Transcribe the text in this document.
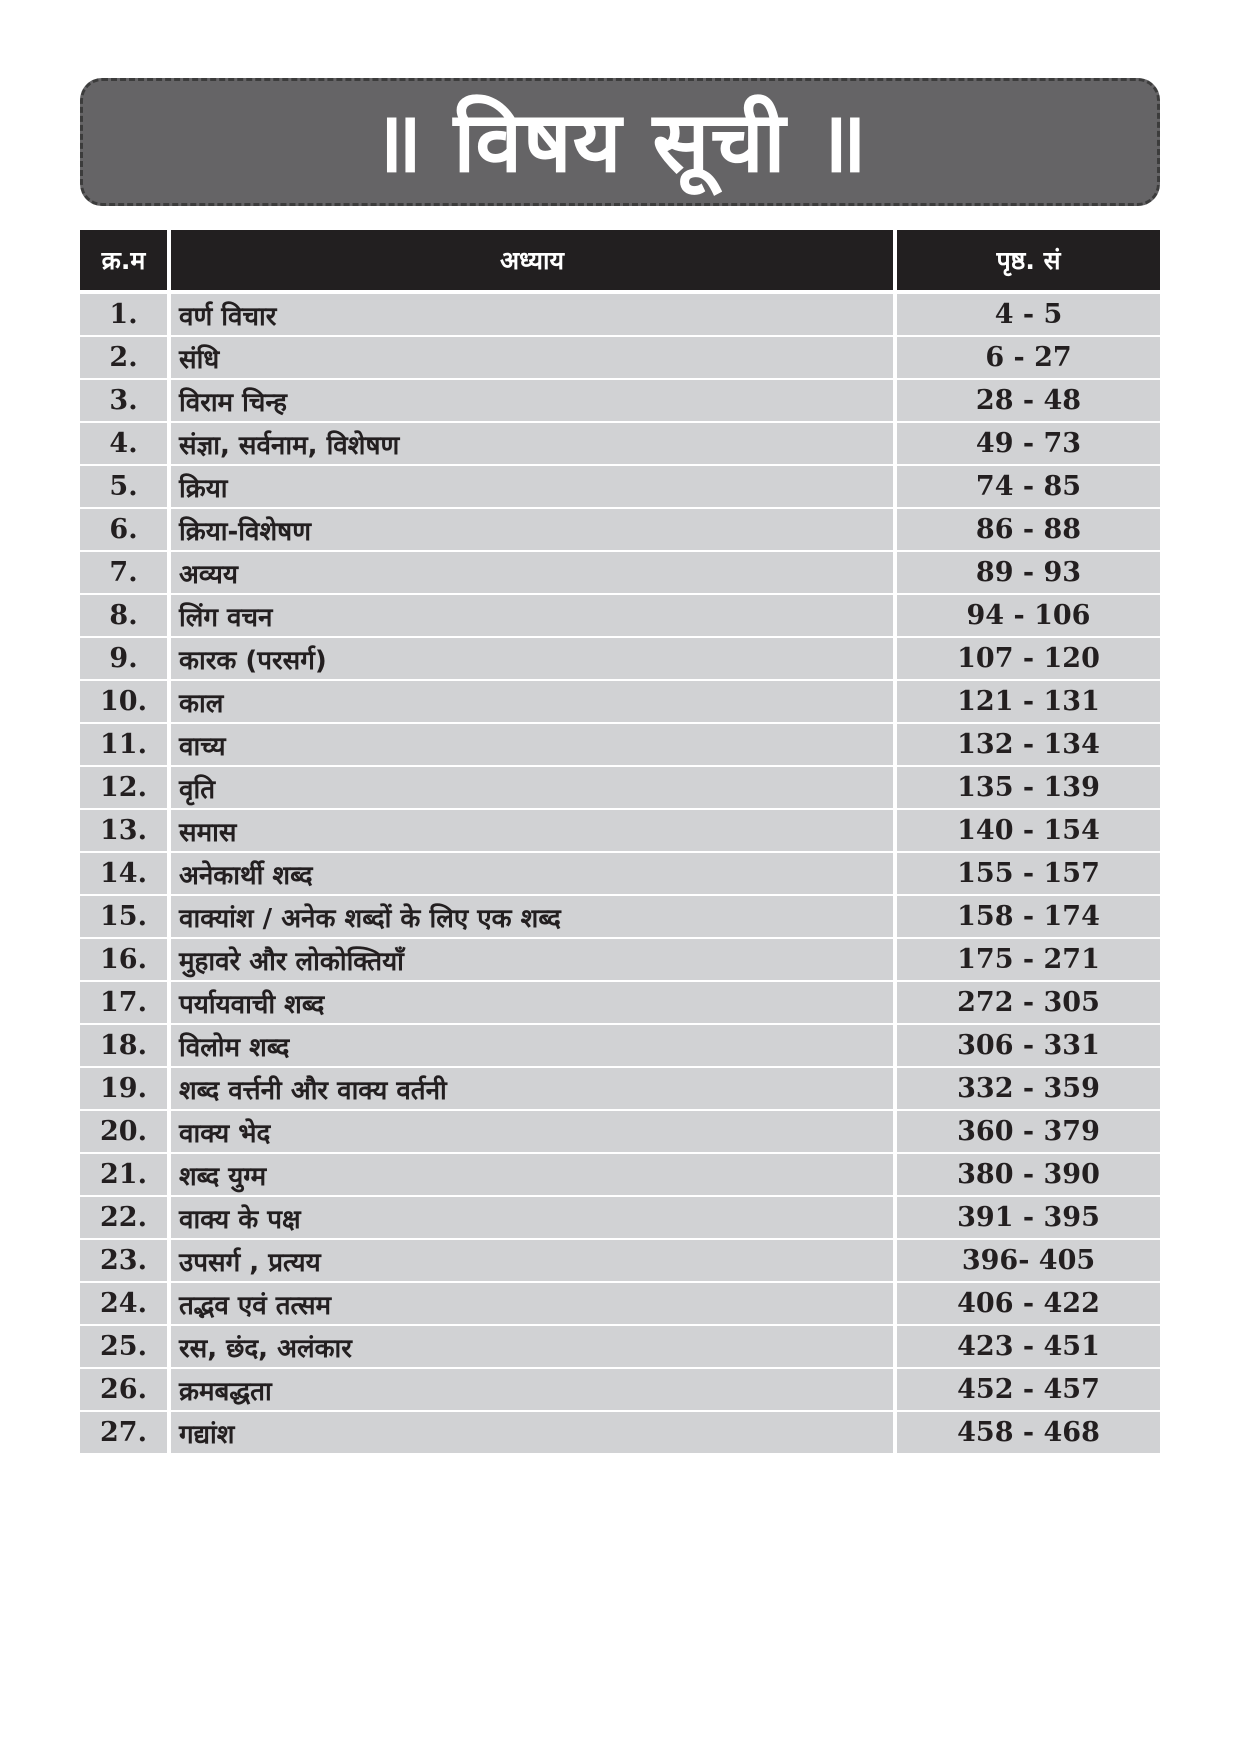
॥ विषय सूची ॥
क्र.म	अध्याय	पृष्ठ. सं
1.	वर्ण विचार	4 - 5
2.	संधि	6 - 27
3.	विराम चिन्ह	28 - 48
4.	संज्ञा, सर्वनाम, विशेषण	49 - 73
5.	क्रिया	74 - 85
6.	क्रिया-विशेषण	86 - 88
7.	अव्यय	89 - 93
8.	लिंग वचन	94 - 106
9.	कारक (परसर्ग)	107 - 120
10.	काल	121 - 131
11.	वाच्य	132 - 134
12.	वृति	135 - 139
13.	समास	140 - 154
14.	अनेकार्थी शब्द	155 - 157
15.	वाक्यांश / अनेक शब्दों के लिए एक शब्द	158 - 174
16.	मुहावरे और लोकोक्तियाँ	175 - 271
17.	पर्यायवाची शब्द	272 - 305
18.	विलोम शब्द	306 - 331
19.	शब्द वर्त्तनी और वाक्य वर्तनी	332 - 359
20.	वाक्य भेद	360 - 379
21.	शब्द युग्म	380 - 390
22.	वाक्य के पक्ष	391 - 395
23.	उपसर्ग , प्रत्यय	396- 405
24.	तद्भव एवं तत्सम	406 - 422
25.	रस, छंद, अलंकार	423 - 451
26.	क्रमबद्धता	452 - 457
27.	गद्यांश	458 - 468
